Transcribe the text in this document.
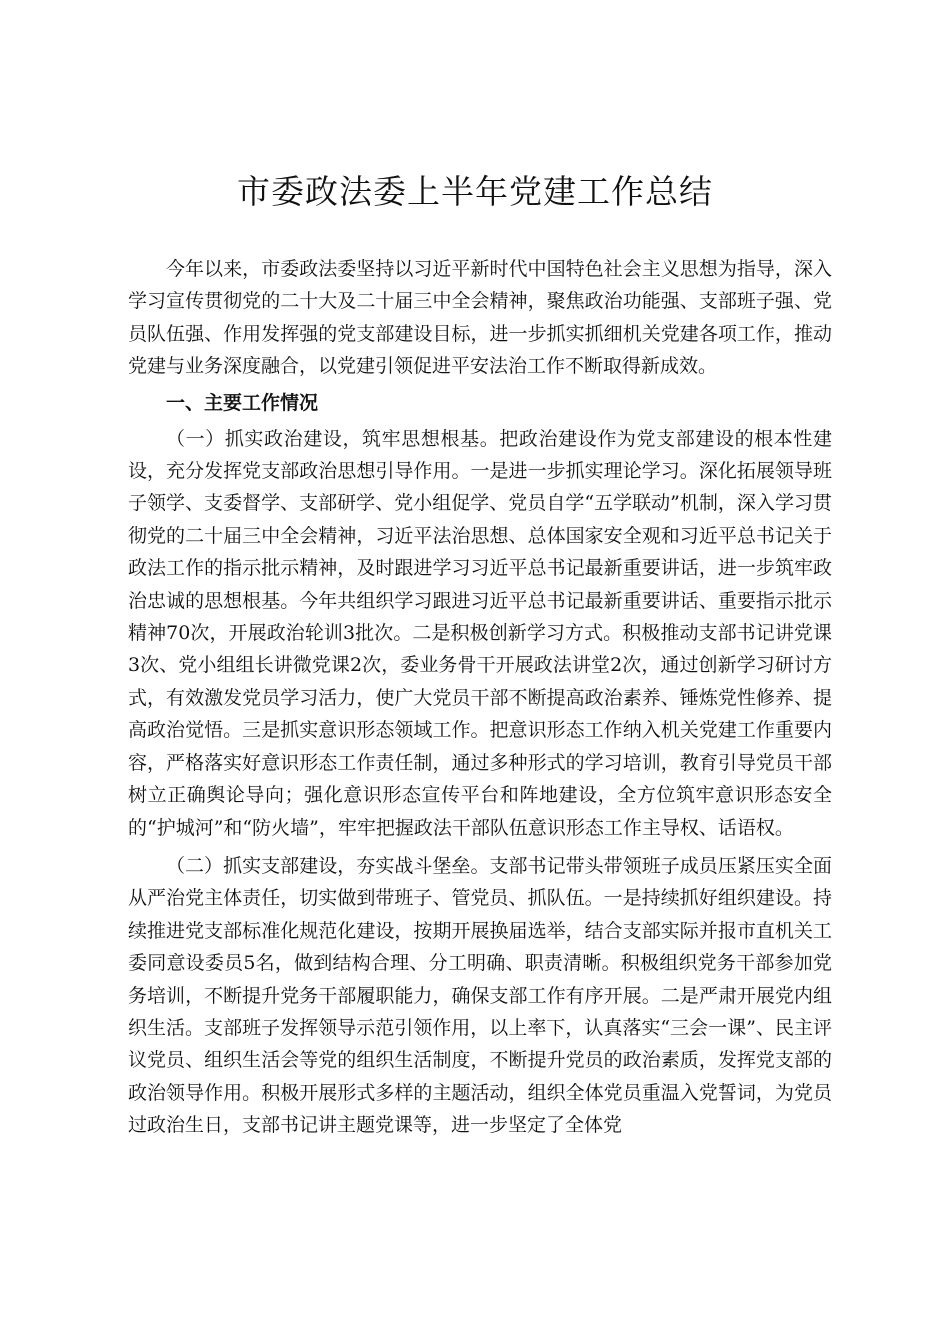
市委政法委上半年党建工作总结

今年以来，市委政法委坚持以习近平新时代中国特色社会主义思想为指导，深入学习宣传贯彻党的二十大及二十届三中全会精神，聚焦政治功能强、支部班子强、党员队伍强、作用发挥强的党支部建设目标，进一步抓实抓细机关党建各项工作，推动党建与业务深度融合，以党建引领促进平安法治工作不断取得新成效。

一、主要工作情况

（一）抓实政治建设，筑牢思想根基。把政治建设作为党支部建设的根本性建设，充分发挥党支部政治思想引导作用。一是进一步抓实理论学习。深化拓展领导班子领学、支委督学、支部研学、党小组促学、党员自学“五学联动”机制，深入学习贯彻党的二十届三中全会精神，习近平法治思想、总体国家安全观和习近平总书记关于政法工作的指示批示精神，及时跟进学习习近平总书记最新重要讲话，进一步筑牢政治忠诚的思想根基。今年共组织学习跟进习近平总书记最新重要讲话、重要指示批示精神70次，开展政治轮训3批次。二是积极创新学习方式。积极推动支部书记讲党课3次、党小组组长讲微党课2次，委业务骨干开展政法讲堂2次，通过创新学习研讨方式，有效激发党员学习活力，使广大党员干部不断提高政治素养、锤炼党性修养、提高政治觉悟。三是抓实意识形态领域工作。把意识形态工作纳入机关党建工作重要内容，严格落实好意识形态工作责任制，通过多种形式的学习培训，教育引导党员干部树立正确舆论导向；强化意识形态宣传平台和阵地建设，全方位筑牢意识形态安全的“护城河”和“防火墙”，牢牢把握政法干部队伍意识形态工作主导权、话语权。

（二）抓实支部建设，夯实战斗堡垒。支部书记带头带领班子成员压紧压实全面从严治党主体责任，切实做到带班子、管党员、抓队伍。一是持续抓好组织建设。持续推进党支部标准化规范化建设，按期开展换届选举，结合支部实际并报市直机关工委同意设委员5名，做到结构合理、分工明确、职责清晰。积极组织党务干部参加党务培训，不断提升党务干部履职能力，确保支部工作有序开展。二是严肃开展党内组织生活。支部班子发挥领导示范引领作用，以上率下，认真落实“三会一课”、民主评议党员、组织生活会等党的组织生活制度，不断提升党员的政治素质，发挥党支部的政治领导作用。积极开展形式多样的主题活动，组织全体党员重温入党誓词，为党员过政治生日，支部书记讲主题党课等，进一步坚定了全体党
